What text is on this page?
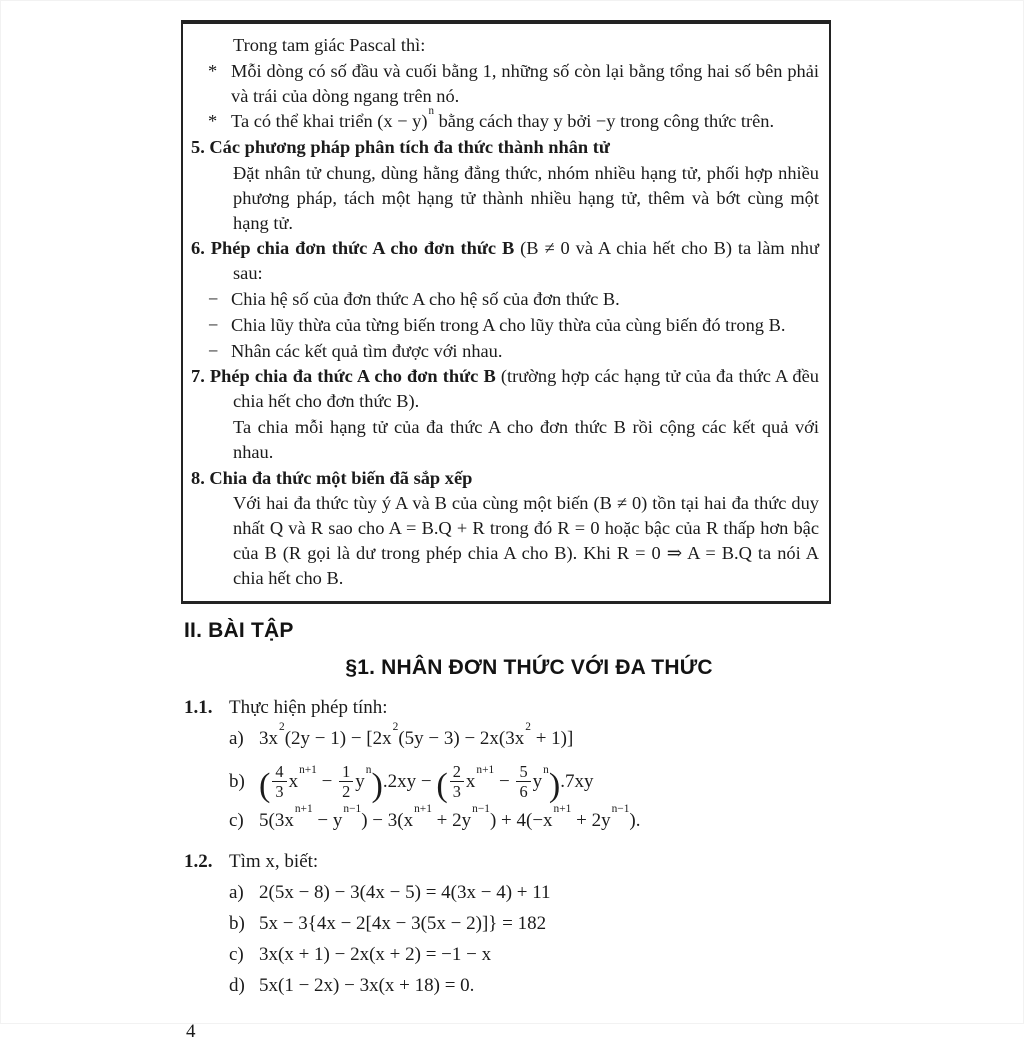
Trong tam giác Pascal thì:

* Mỗi dòng có số đầu và cuối bằng 1, những số còn lại bằng tổng hai số bên phải và trái của dòng ngang trên nó.

* Ta có thể khai triển $(x - y)^n$ bằng cách thay y bởi −y trong công thức trên.

5. Các phương pháp phân tích đa thức thành nhân tử

Đặt nhân tử chung, dùng hằng đẳng thức, nhóm nhiều hạng tử, phối hợp nhiều phương pháp, tách một hạng tử thành nhiều hạng tử, thêm và bớt cùng một hạng tử.

6. Phép chia đơn thức A cho đơn thức B (B ≠ 0 và A chia hết cho B) ta làm như sau:

− Chia hệ số của đơn thức A cho hệ số của đơn thức B.

− Chia lũy thừa của từng biến trong A cho lũy thừa của cùng biến đó trong B.

− Nhân các kết quả tìm được với nhau.

7. Phép chia đa thức A cho đơn thức B (trường hợp các hạng tử của đa thức A đều chia hết cho đơn thức B).

Ta chia mỗi hạng tử của đa thức A cho đơn thức B rồi cộng các kết quả với nhau.

8. Chia đa thức một biến đã sắp xếp

Với hai đa thức tùy ý A và B của cùng một biến (B ≠ 0) tồn tại hai đa thức duy nhất Q và R sao cho A = B.Q + R trong đó R = 0 hoặc bậc của R thấp hơn bậc của B (R gọi là dư trong phép chia A cho B). Khi R = 0 ⇒ A = B.Q ta nói A chia hết cho B.

II. BÀI TẬP

§1. NHÂN ĐƠN THỨC VỚI ĐA THỨC

1.1. Thực hiện phép tính:

a) $3x^2(2y - 1) - [2x^2(5y - 3) - 2x(3x^2 + 1)]$

b) ( $\frac{4}{3} x^{n+1} - \frac{1}{2} y^n).2xy$ − ( $\frac{2}{3} x^{n+1} - \frac{5}{6} y^n).7xy$

c) $5(3x^{n+1} - y^{n-1}) - 3(x^{n+1} + 2y^{n-1}) + 4(-x^{n+1} + 2y^{n-1})$.

1.2. Tìm x, biết:

a) 2(5x − 8) − 3(4x − 5) = 4(3x − 4) + 11

b) 5x − 3{4x − 2[4x − 3(5x − 2)]} = 182

c) 3x(x + 1) − 2x(x + 2) = −1 − x

d) 5x(1 − 2x) − 3x(x + 18) = 0.

4
